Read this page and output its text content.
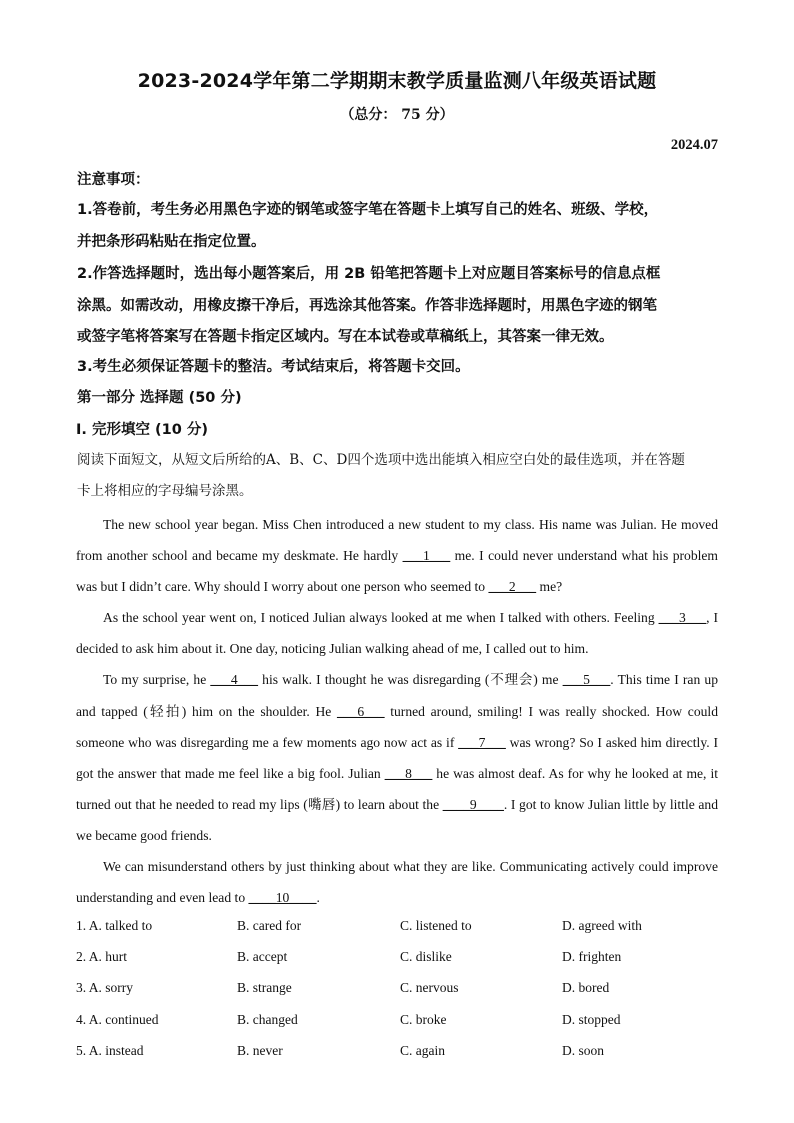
2023-2024学年第二学期期末教学质量监测八年级英语试题
（总分： 75 分）
2024.07
注意事项：
1.答卷前，考生务必用黑色字迹的钢笔或签字笔在答题卡上填写自己的姓名、班级、学校，
并把条形码粘贴在指定位置。
2.作答选择题时，选出每小题答案后，用 2B 铅笔把答题卡上对应题目答案标号的信息点框
涂黑。如需改动，用橡皮擦干净后，再选涂其他答案。作答非选择题时，用黑色字迹的钢笔
或签字笔将答案写在答题卡指定区域内。写在本试卷或草稿纸上，其答案一律无效。
3.考生必须保证答题卡的整洁。考试结束后，将答题卡交回。
第一部分 选择题 (50 分)
Ⅰ. 完形填空 (10 分)
阅读下面短文，从短文后所给的A、B、C、D四个选项中选出能填入相应空白处的最佳选项，并在答题
卡上将相应的字母编号涂黑。

The new school year began. Miss Chen introduced a new student to my class. His name was Julian. He moved from another school and became my deskmate. He hardly ___1___ me. I could never understand what his problem was but I didn’t care. Why should I worry about one person who seemed to ___2___ me?

As the school year went on, I noticed Julian always looked at me when I talked with others. Feeling ___3___, I decided to ask him about it. One day, noticing Julian walking ahead of me, I called out to him.

To my surprise, he ___4___ his walk. I thought he was disregarding (不理会) me ___5___. This time I ran up and tapped (轻拍) him on the shoulder. He ___6___ turned around, smiling! I was really shocked. How could someone who was disregarding me a few moments ago now act as if ___7___ was wrong? So I asked him directly. I got the answer that made me feel like a big fool. Julian ___8___ he was almost deaf. As for why he looked at me, it turned out that he needed to read my lips (嘴唇) to learn about the ____9____. I got to know Julian little by little and we became good friends.

We can misunderstand others by just thinking about what they are like. Communicating actively could improve understanding and even lead to ____10____.

1. A. talked to	B. cared for	C. listened to	D. agreed with
2. A. hurt	B. accept	C. dislike	D. frighten
3. A. sorry	B. strange	C. nervous	D. bored
4. A. continued	B. changed	C. broke	D. stopped
5. A. instead	B. never	C. again	D. soon
